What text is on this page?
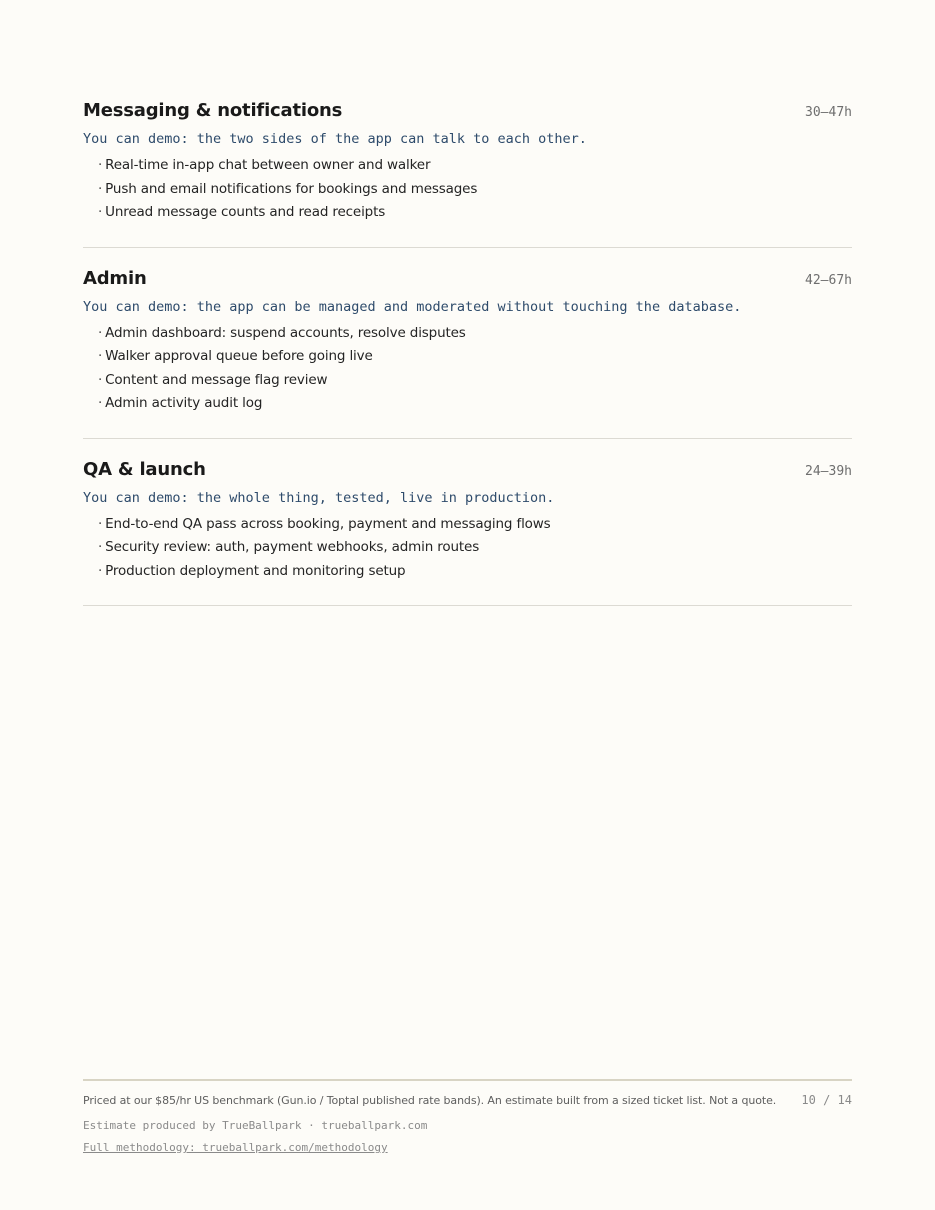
Messaging & notifications	30–47h
You can demo: the two sides of the app can talk to each other.
· Real-time in-app chat between owner and walker
· Push and email notifications for bookings and messages
· Unread message counts and read receipts
Admin	42–67h
You can demo: the app can be managed and moderated without touching the database.
· Admin dashboard: suspend accounts, resolve disputes
· Walker approval queue before going live
· Content and message flag review
· Admin activity audit log
QA & launch	24–39h
You can demo: the whole thing, tested, live in production.
· End-to-end QA pass across booking, payment and messaging flows
· Security review: auth, payment webhooks, admin routes
· Production deployment and monitoring setup
Priced at our $85/hr US benchmark (Gun.io / Toptal published rate bands). An estimate built from a sized ticket list. Not a quote. 10 / 14
Estimate produced by TrueBallpark · trueballpark.com
Full methodology: trueballpark.com/methodology
